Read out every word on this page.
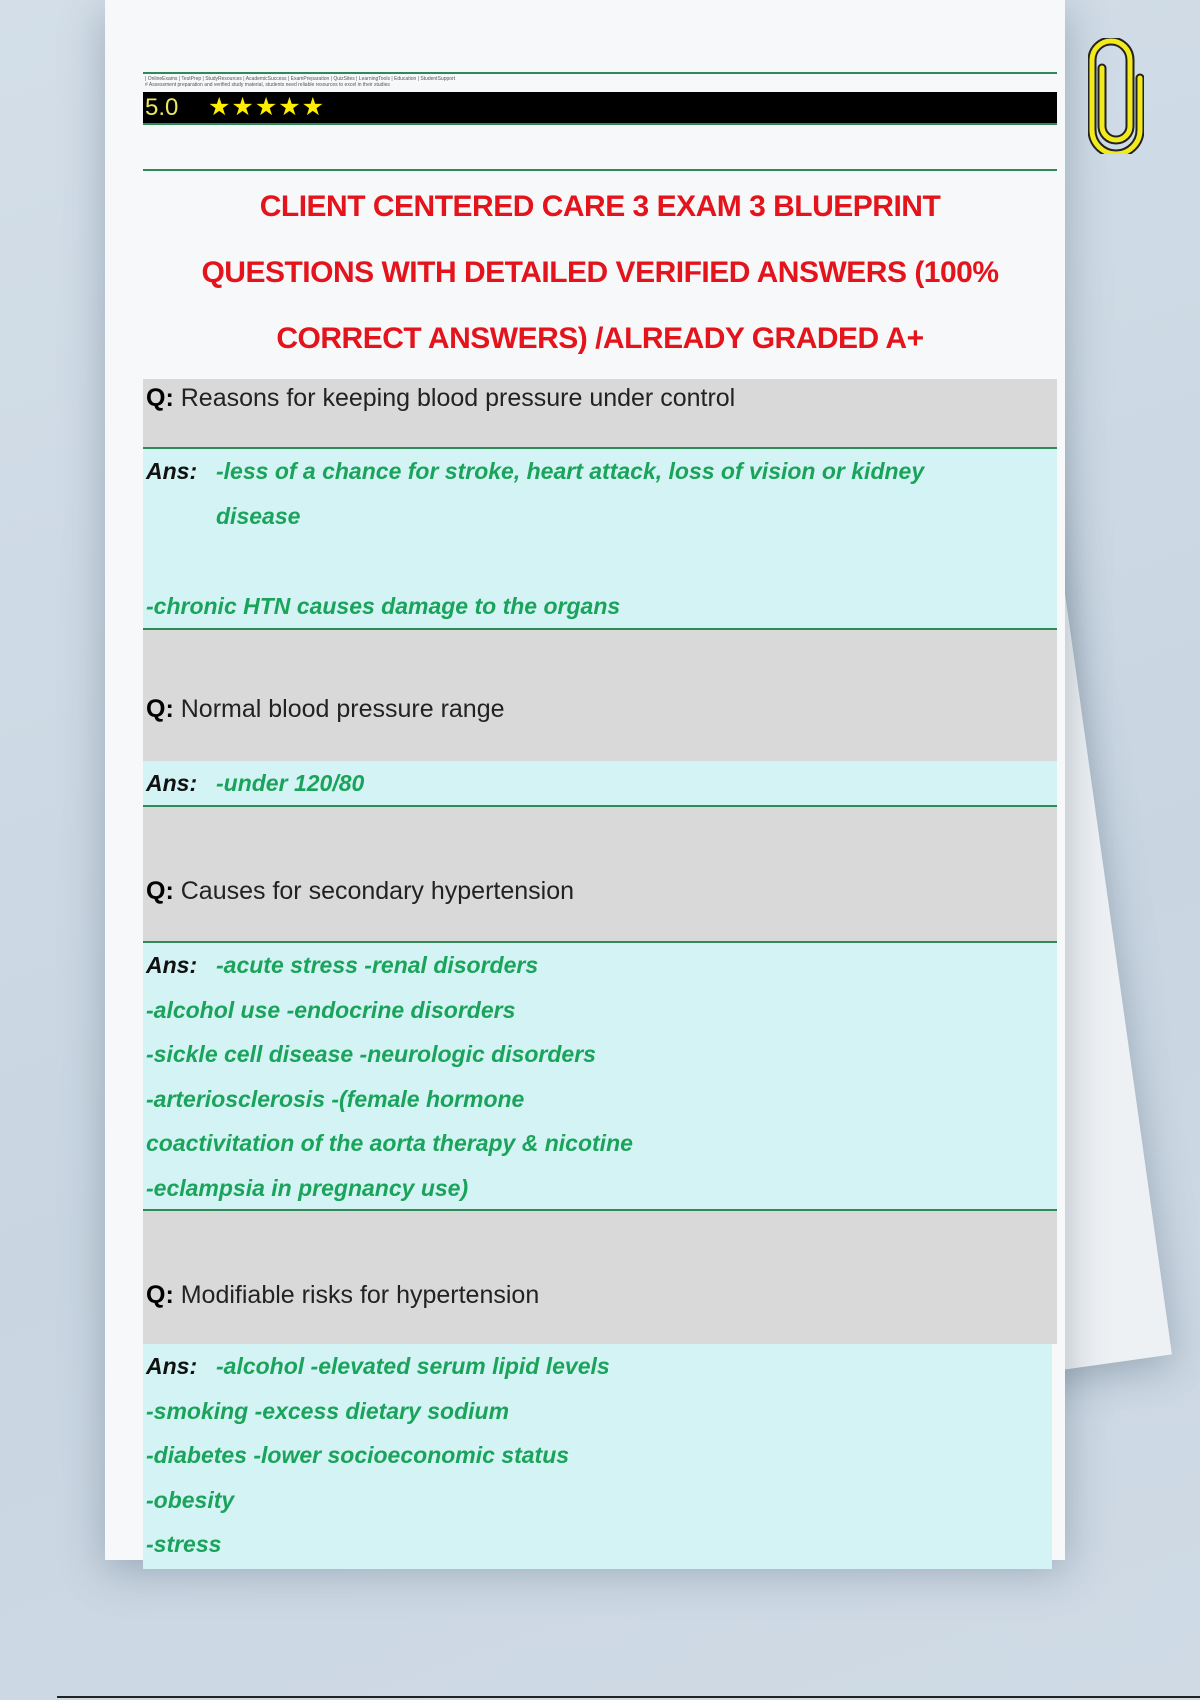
| OnlineExams | TestPrep | StudyResources | AcademicSuccess | ExamPreparation | QuizSites | LearningTools | Education | StudentSupport
# Assessment preparation and verified study material, students need reliable resources to excel in their studies
5.0 ★★★★★
CLIENT CENTERED CARE 3 EXAM 3 BLUEPRINT
QUESTIONS WITH DETAILED VERIFIED ANSWERS (100%
CORRECT ANSWERS) /ALREADY GRADED A+
Q: Reasons for keeping blood pressure under control
Ans: -less of a chance for stroke, heart attack, loss of vision or kidney
disease
-chronic HTN causes damage to the organs
Q: Normal blood pressure range
Ans: -under 120/80
Q: Causes for secondary hypertension
Ans: -acute stress -renal disorders
-alcohol use -endocrine disorders
-sickle cell disease -neurologic disorders
-arteriosclerosis -(female hormone
coactivitation of the aorta therapy & nicotine
-eclampsia in pregnancy use)
Q: Modifiable risks for hypertension
Ans: -alcohol -elevated serum lipid levels
-smoking -excess dietary sodium
-diabetes -lower socioeconomic status
-obesity
-stress
